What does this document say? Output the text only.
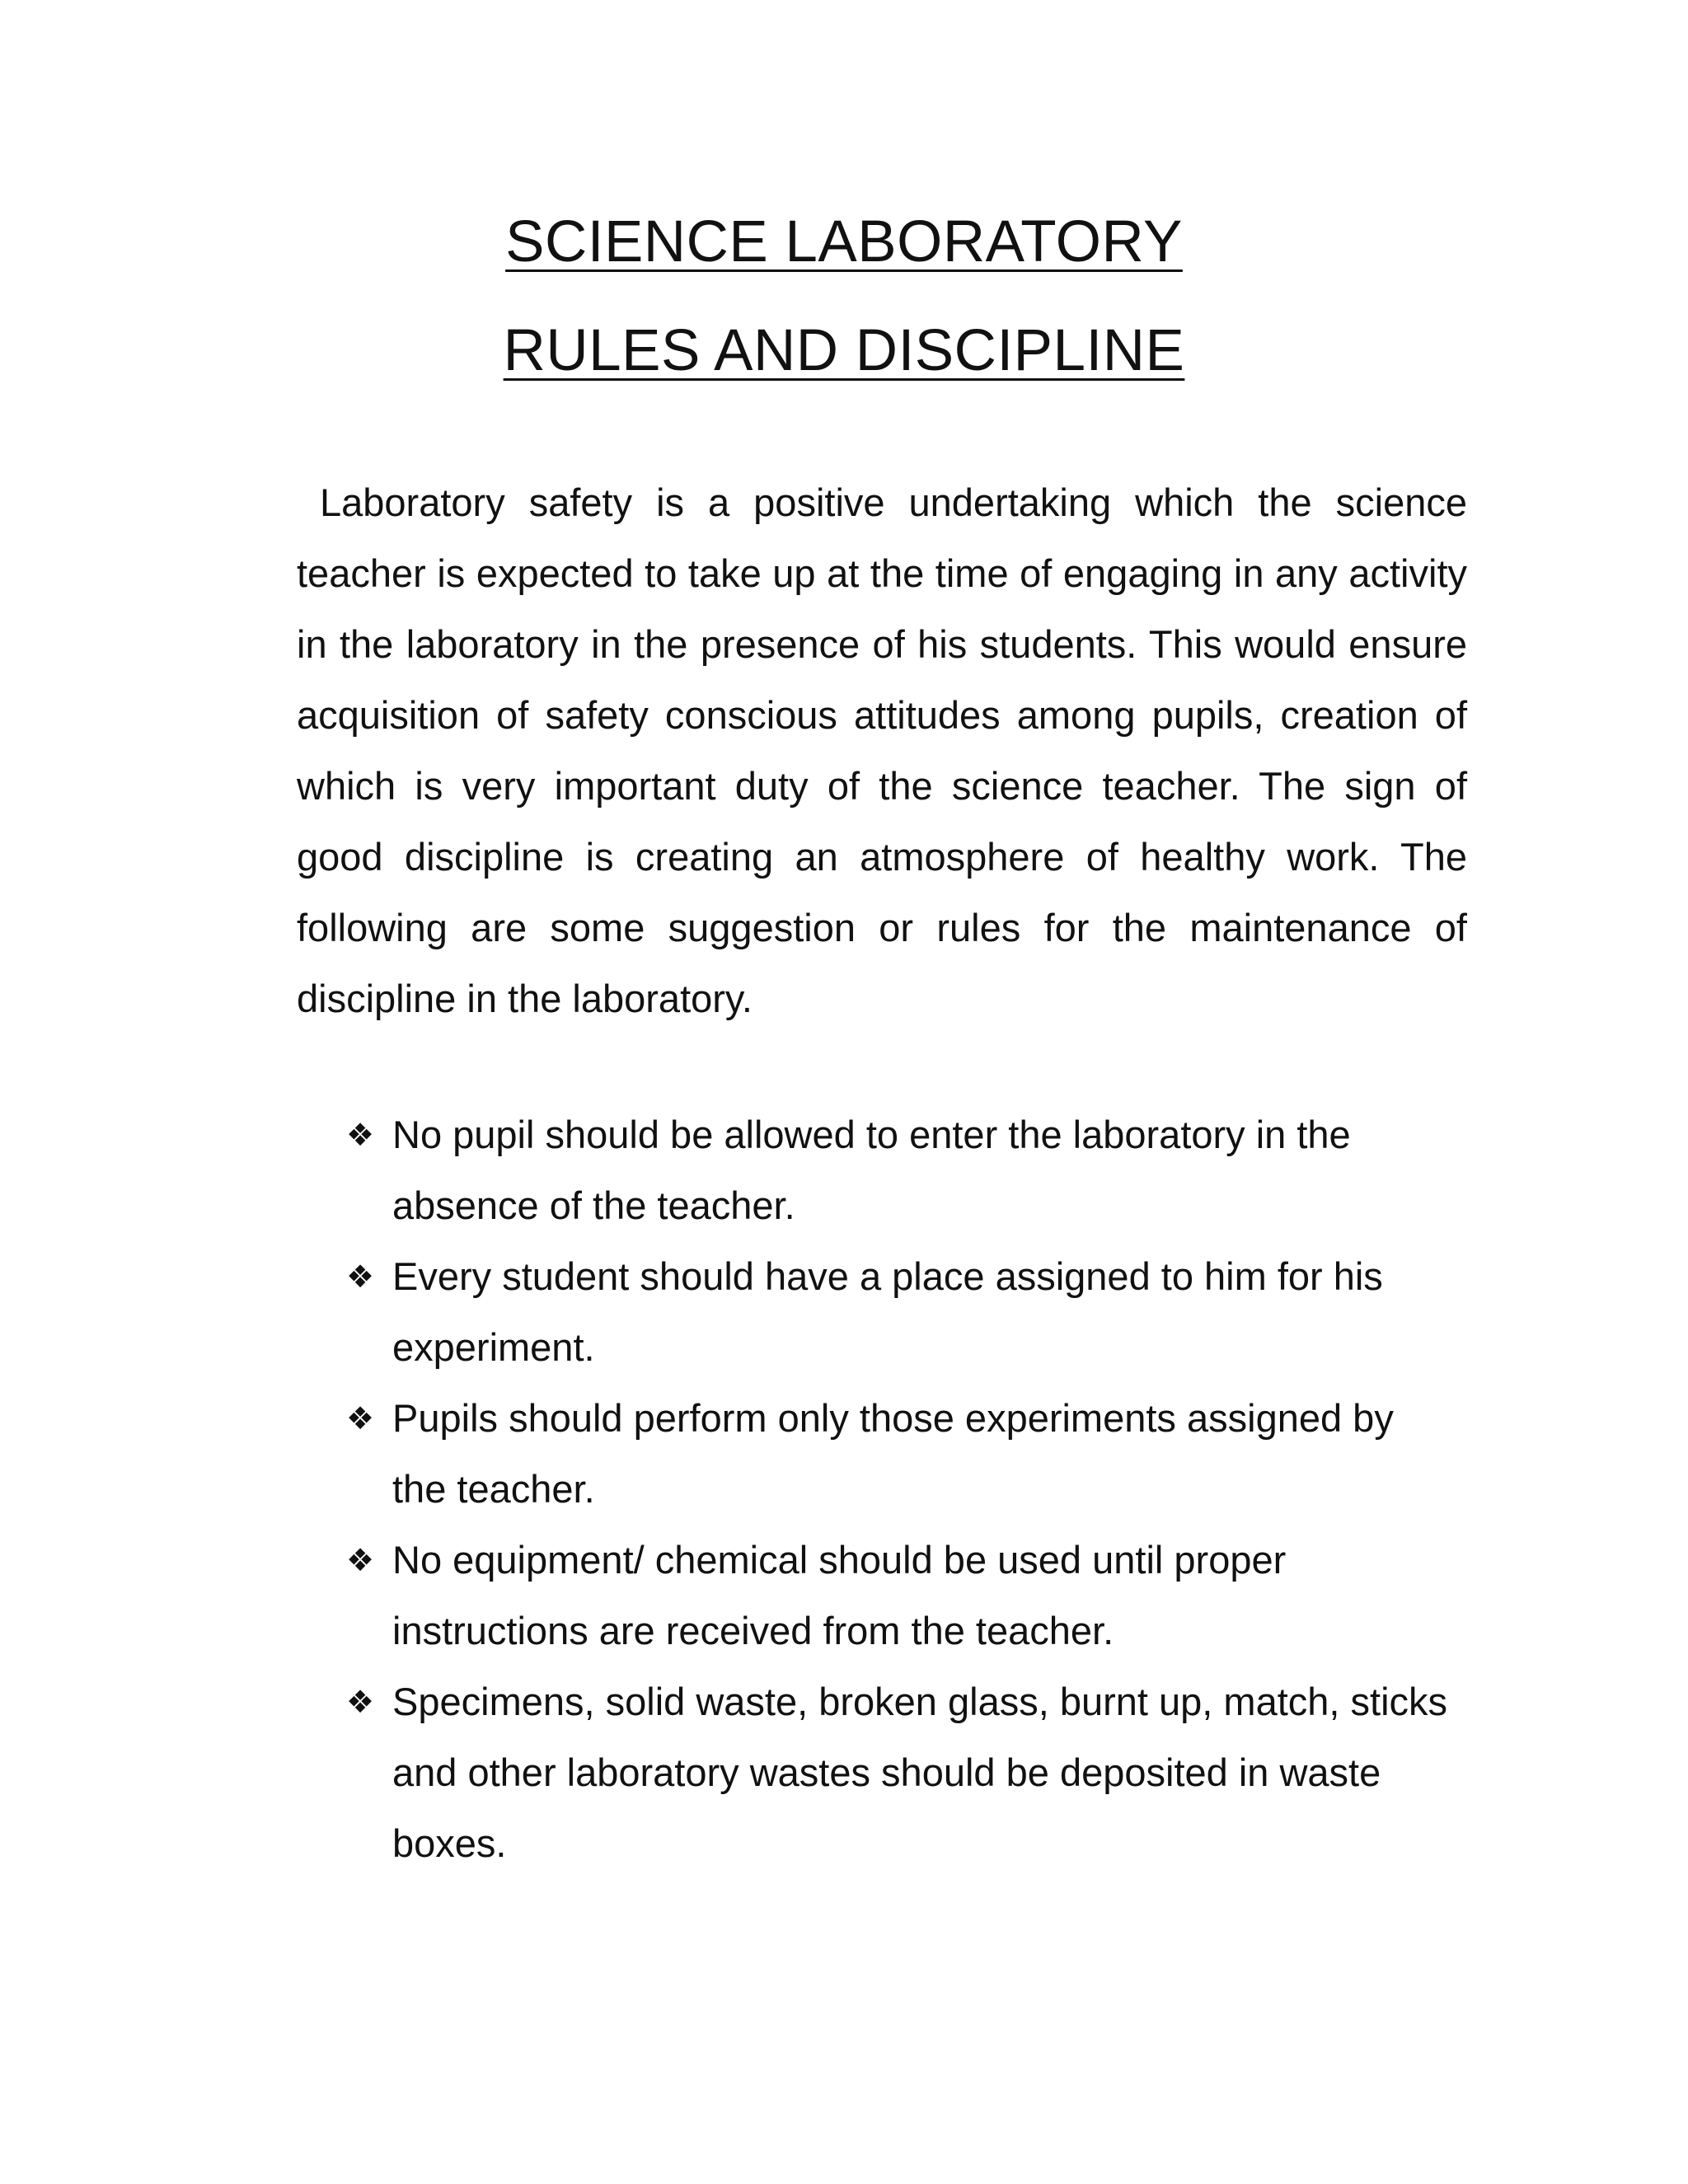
SCIENCE LABORATORY
RULES AND DISCIPLINE

Laboratory safety is a positive undertaking which the science teacher is expected to take up at the time of engaging in any activity in the laboratory in the presence of his students. This would ensure acquisition of safety conscious attitudes among pupils, creation of which is very important duty of the science teacher. The sign of good discipline is creating an atmosphere of healthy work. The following are some suggestion or rules for the maintenance of discipline in the laboratory.

❖ No pupil should be allowed to enter the laboratory in the absence of the teacher.

❖ Every student should have a place assigned to him for his experiment.

❖ Pupils should perform only those experiments assigned by the teacher.

❖ No equipment/ chemical should be used until proper instructions are received from the teacher.

❖ Specimens, solid waste, broken glass, burnt up, match, sticks and other laboratory wastes should be deposited in waste boxes.
